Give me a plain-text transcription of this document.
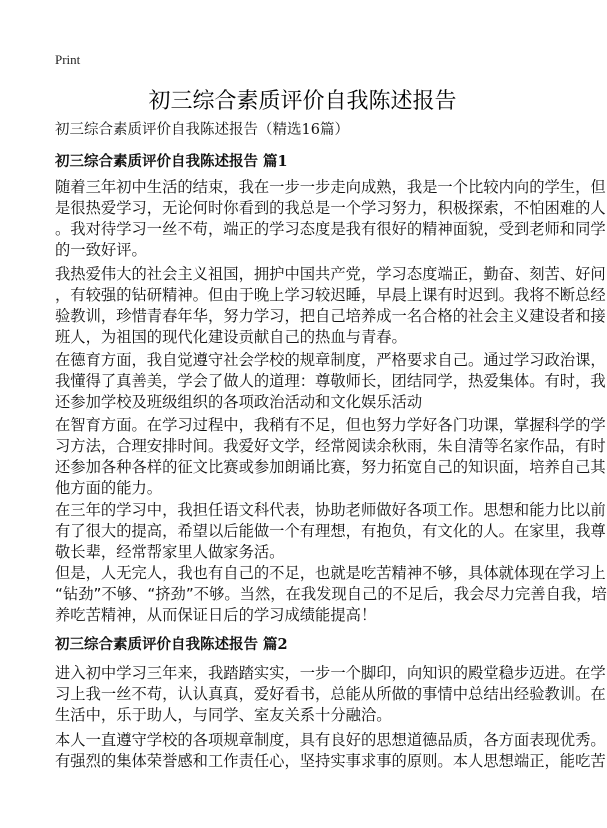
Print
初三综合素质评价自我陈述报告
初三综合素质评价自我陈述报告（精选16篇）
初三综合素质评价自我陈述报告 篇1
随着三年初中生活的结束，我在一步一步走向成熟，我是一个比较内向的学生，但
是很热爱学习，无论何时你看到的我总是一个学习努力，积极探索，不怕困难的人
。我对待学习一丝不苟，端正的学习态度是我有很好的精神面貌，受到老师和同学
的一致好评。
我热爱伟大的社会主义祖国，拥护中国共产党，学习态度端正，勤奋、刻苦、好问
，有较强的钻研精神。但由于晚上学习较迟睡，早晨上课有时迟到。我将不断总经
验教训，珍惜青春年华，努力学习，把自己培养成一名合格的社会主义建设者和接
班人，为祖国的现代化建设贡献自己的热血与青春。
在德育方面，我自觉遵守社会学校的规章制度，严格要求自己。通过学习政治课，
我懂得了真善美，学会了做人的道理：尊敬师长，团结同学，热爱集体。有时，我
还参加学校及班级组织的各项政治活动和文化娱乐活动
在智育方面。在学习过程中，我稍有不足，但也努力学好各门功课，掌握科学的学
习方法，合理安排时间。我爱好文学，经常阅读余秋雨，朱自清等名家作品，有时
还参加各种各样的征文比赛或参加朗诵比赛，努力拓宽自己的知识面，培养自己其
他方面的能力。
在三年的学习中，我担任语文科代表，协助老师做好各项工作。思想和能力比以前
有了很大的提高，希望以后能做一个有理想，有抱负，有文化的人。在家里，我尊
敬长辈，经常帮家里人做家务活。
但是，人无完人，我也有自己的不足，也就是吃苦精神不够，具体就体现在学习上
“钻劲”不够、“挤劲”不够。当然，在我发现自己的不足后，我会尽力完善自我，培
养吃苦精神，从而保证日后的学习成绩能提高！
初三综合素质评价自我陈述报告 篇2
进入初中学习三年来，我踏踏实实，一步一个脚印，向知识的殿堂稳步迈进。在学
习上我一丝不苟，认认真真，爱好看书，总能从所做的事情中总结出经验教训。在
生活中，乐于助人，与同学、室友关系十分融洽。
本人一直遵守学校的各项规章制度，具有良好的思想道德品质，各方面表现优秀。
有强烈的集体荣誉感和工作责任心，坚持实事求事的原则。本人思想端正，能吃苦
